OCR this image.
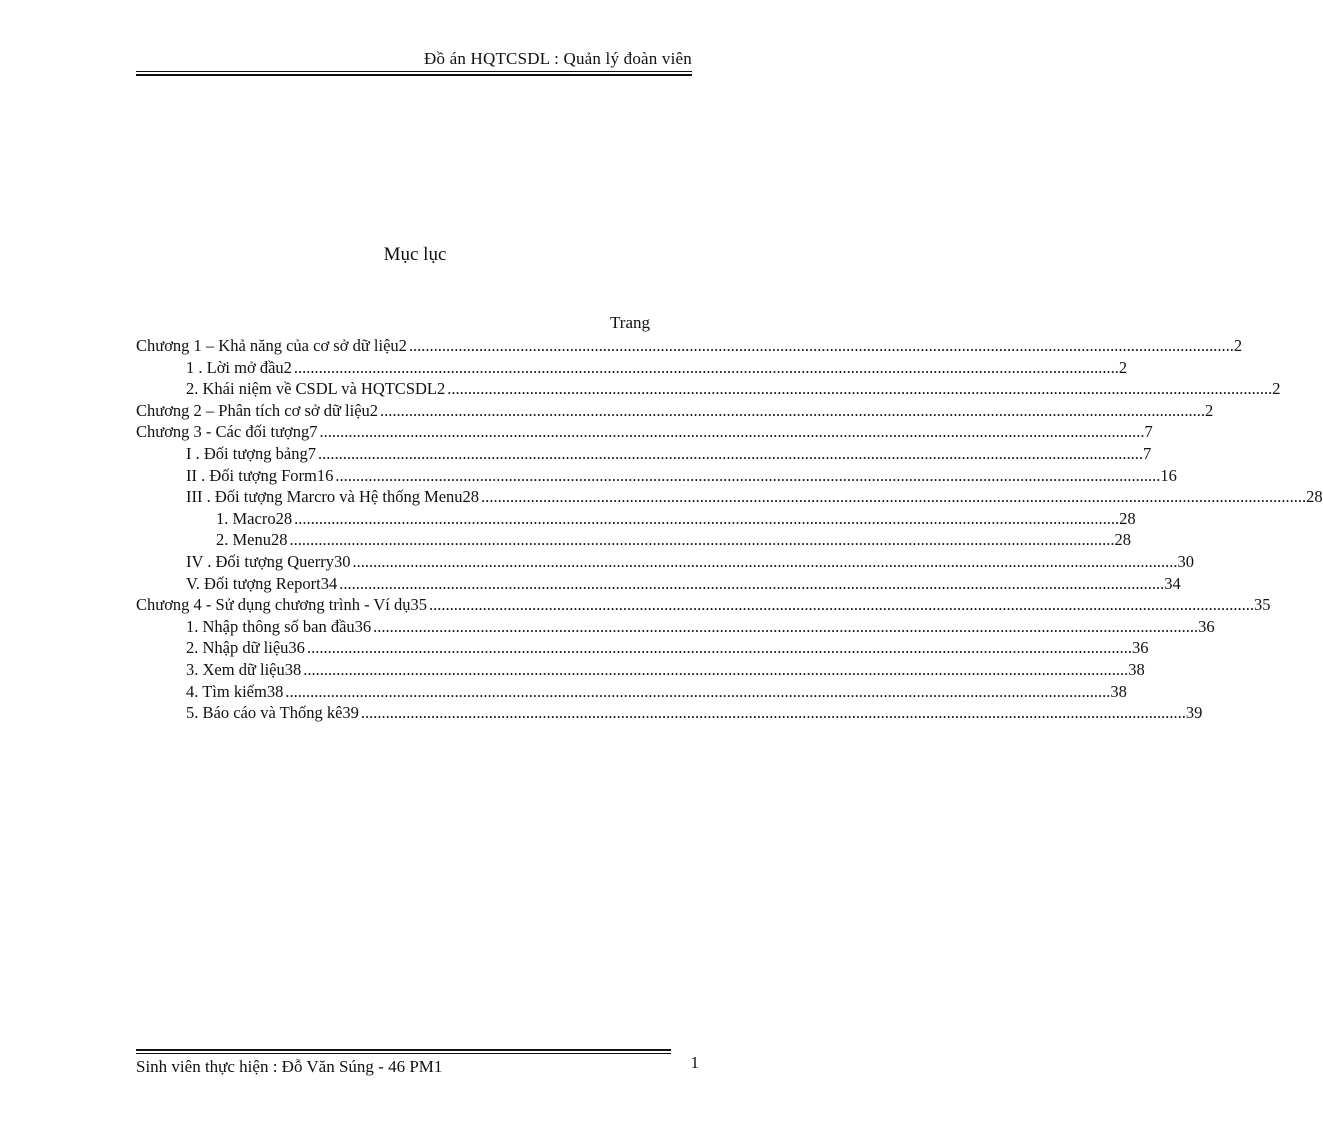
Đồ án HQTCSDL : Quản lý đoàn viên
Mục lục
Trang
Chương 1 – Khả năng của cơ sở dữ liệu2 ........................................................................................................................................................................................................ 2
1 . Lời mở đầu2 ........................................................................................................................................................................................................ 2
2. Khái niệm về CSDL và HQTCSDL2 ........................................................................................................................................................................................................ 2
Chương 2 – Phân tích cơ sở dữ liệu2 ........................................................................................................................................................................................................ 2
Chương 3 - Các đối tượng7 ........................................................................................................................................................................................................ 7
I . Đối tượng bảng7 ........................................................................................................................................................................................................ 7
II . Đối tượng Form16 ........................................................................................................................................................................................................ 16
III . Đối tượng Marcro và Hệ thống Menu28 ........................................................................................................................................................................................................ 28
1. Macro28 ........................................................................................................................................................................................................ 28
2. Menu28 ........................................................................................................................................................................................................ 28
IV . Đối tượng Querry30 ........................................................................................................................................................................................................ 30
V. Đối tượng Report34 ........................................................................................................................................................................................................ 34
Chương 4 - Sử dụng chương trình - Ví dụ35 ........................................................................................................................................................................................................ 35
1. Nhập thông số ban đầu36 ........................................................................................................................................................................................................ 36
2. Nhập dữ liệu36 ........................................................................................................................................................................................................ 36
3. Xem dữ liệu38 ........................................................................................................................................................................................................ 38
4. Tìm kiếm38 ........................................................................................................................................................................................................ 38
5. Báo cáo và Thống kê39 ........................................................................................................................................................................................................ 39
Sinh viên thực hiện : Đỗ Văn Súng - 46 PM1	1
